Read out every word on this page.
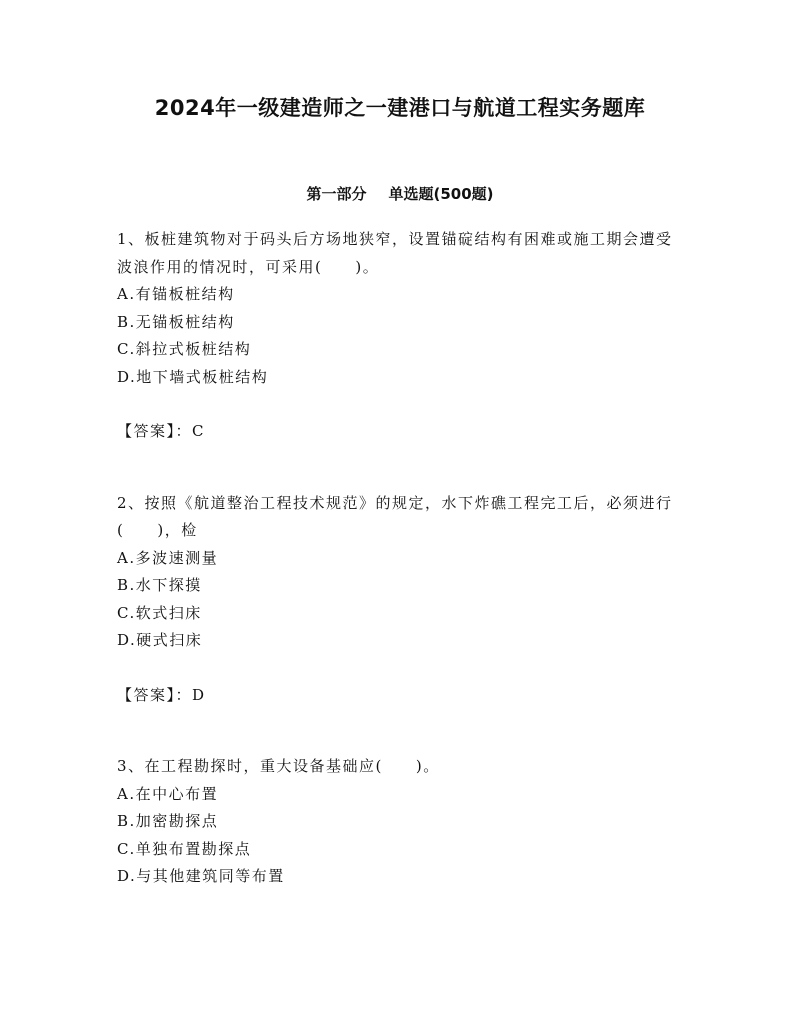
2024年一级建造师之一建港口与航道工程实务题库
第一部分 单选题(500题)

1、板桩建筑物对于码头后方场地狭窄，设置锚碇结构有困难或施工期会遭受波浪作用的情况时，可采用(　　)。

A.有锚板桩结构

B.无锚板桩结构

C.斜拉式板桩结构

D.地下墙式板桩结构

【答案】：C

2、按照《航道整治工程技术规范》的规定，水下炸礁工程完工后，必须进行(　　)，检

A.多波速测量

B.水下探摸

C.软式扫床

D.硬式扫床

【答案】：D

3、在工程勘探时，重大设备基础应(　　)。

A.在中心布置

B.加密勘探点

C.单独布置勘探点

D.与其他建筑同等布置
